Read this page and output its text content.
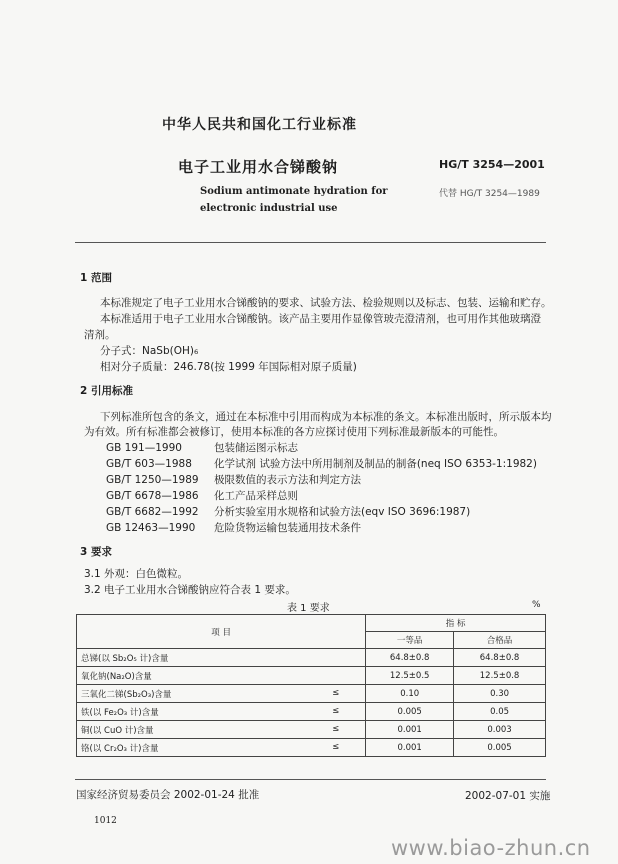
中华人民共和国化工行业标准
电子工业用水合锑酸钠	HG/T 3254—2001
代替 HG/T 3254—1989
Sodium antimonate hydration for
electronic industrial use
1 范围
本标准规定了电子工业用水合锑酸钠的要求、试验方法、检验规则以及标志、包装、运输和贮存。
本标准适用于电子工业用水合锑酸钠。该产品主要用作显像管玻壳澄清剂，也可用作其他玻璃澄
清剂。
分子式：NaSb(OH)₆
相对分子质量：246.78(按 1999 年国际相对原子质量)
2 引用标准
下列标准所包含的条文，通过在本标准中引用而构成为本标准的条文。本标准出版时，所示版本均
为有效。所有标准都会被修订，使用本标准的各方应探讨使用下列标准最新版本的可能性。
GB 191—1990	包装储运图示标志
GB/T 603—1988 化学试剂 试验方法中所用制剂及制品的制备(neq ISO 6353-1:1982)
GB/T 1250—1989 极限数值的表示方法和判定方法
GB/T 6678—1986 化工产品采样总则
GB/T 6682—1992 分析实验室用水规格和试验方法(eqv ISO 3696:1987)
GB 12463—1990 危险货物运输包装通用技术条件
3 要求
3.1 外观：白色微粒。
3.2 电子工业用水合锑酸钠应符合表 1 要求。
表 1 要求	%
项 目	指 标	
	一等品	合格品
总锑(以 Sb₂O₅ 计)含量	64.8±0.8	64.8±0.8
氧化钠(Na₂O)含量	12.5±0.5	12.5±0.8
三氧化二锑(Sb₂O₃)含量 ≤	0.10	0.30
铁(以 Fe₂O₃ 计)含量 ≤	0.005	0.05
铜(以 CuO 计)含量 ≤	0.001	0.003
铬(以 Cr₂O₃ 计)含量 ≤	0.001	0.005
国家经济贸易委员会 2002-01-24 批准	2002-07-01 实施
1012
www.biao-zhun.cn
